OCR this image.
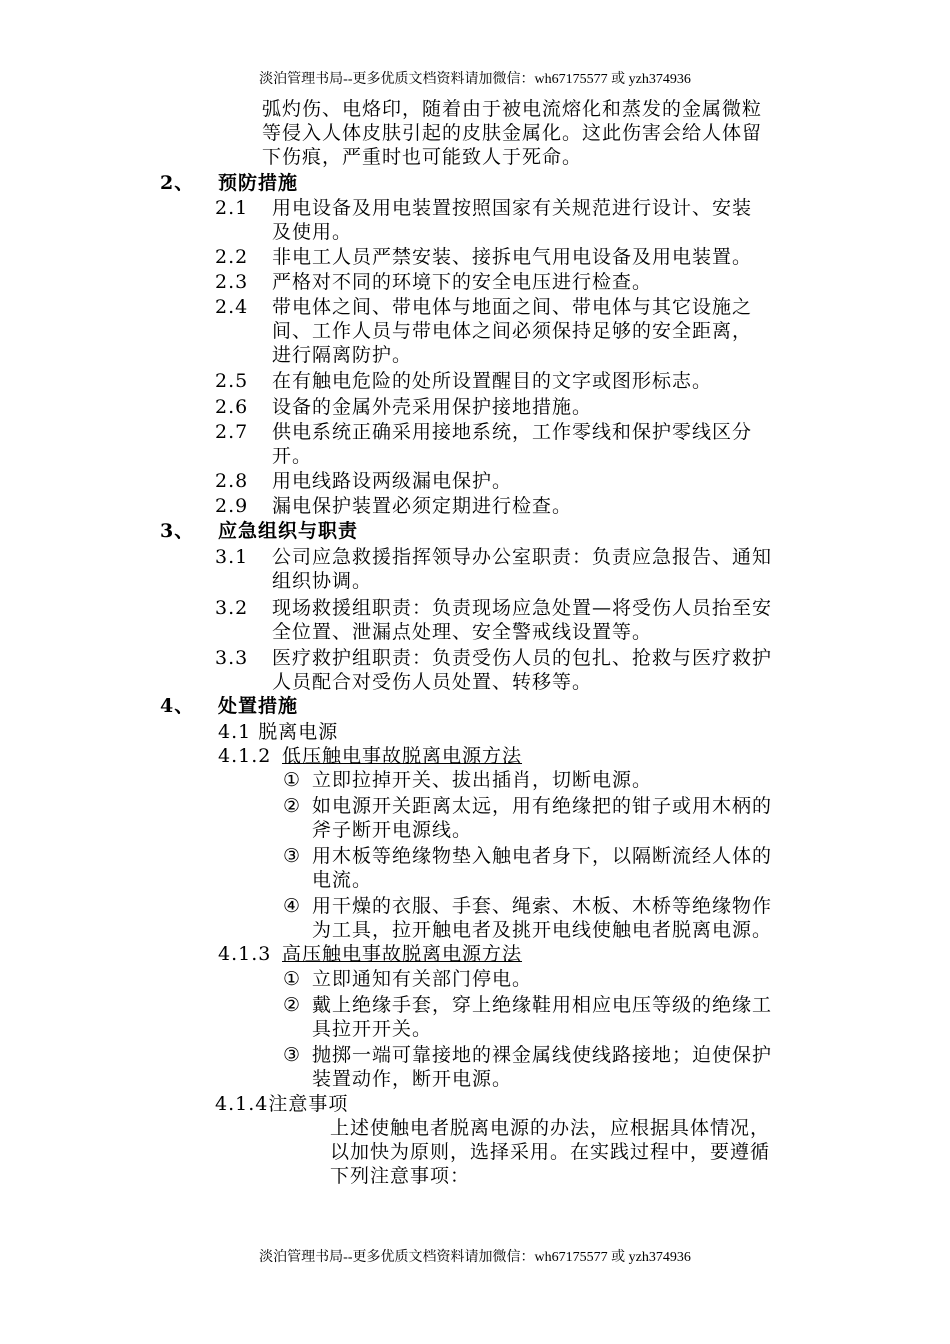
淡泊管理书局--更多优质文档资料请加微信：wh67175577 或 yzh374936
弧灼伤、电烙印，随着由于被电流熔化和蒸发的金属微粒
等侵入人体皮肤引起的皮肤金属化。这此伤害会给人体留
下伤痕，严重时也可能致人于死命。
2、 预防措施
2.1 用电设备及用电装置按照国家有关规范进行设计、安装
及使用。
2.2 非电工人员严禁安装、接拆电气用电设备及用电装置。
2.3 严格对不同的环境下的安全电压进行检查。
2.4 带电体之间、带电体与地面之间、带电体与其它设施之
间、工作人员与带电体之间必须保持足够的安全距离，
进行隔离防护。
2.5 在有触电危险的处所设置醒目的文字或图形标志。
2.6 设备的金属外壳采用保护接地措施。
2.7 供电系统正确采用接地系统，工作零线和保护零线区分
开。
2.8 用电线路设两级漏电保护。
2.9 漏电保护装置必须定期进行检查。
3、 应急组织与职责
3.1 公司应急救援指挥领导办公室职责：负责应急报告、通知
组织协调。
3.2 现场救援组职责：负责现场应急处置—将受伤人员抬至安
全位置、泄漏点处理、安全警戒线设置等。
3.3 医疗救护组职责：负责受伤人员的包扎、抢救与医疗救护
人员配合对受伤人员处置、转移等。
4、 处置措施
4.1 脱离电源
4.1.2 低压触电事故脱离电源方法
① 立即拉掉开关、拔出插肖，切断电源。
② 如电源开关距离太远，用有绝缘把的钳子或用木柄的
斧子断开电源线。
③ 用木板等绝缘物垫入触电者身下，以隔断流经人体的
电流。
④ 用干燥的衣服、手套、绳索、木板、木桥等绝缘物作
为工具，拉开触电者及挑开电线使触电者脱离电源。
4.1.3 高压触电事故脱离电源方法
① 立即通知有关部门停电。
② 戴上绝缘手套，穿上绝缘鞋用相应电压等级的绝缘工
具拉开开关。
③ 抛掷一端可靠接地的裸金属线使线路接地；迫使保护
装置动作，断开电源。
4.1.4注意事项
上述使触电者脱离电源的办法，应根据具体情况，
以加快为原则，选择采用。在实践过程中，要遵循
下列注意事项：
淡泊管理书局--更多优质文档资料请加微信：wh67175577 或 yzh374936
